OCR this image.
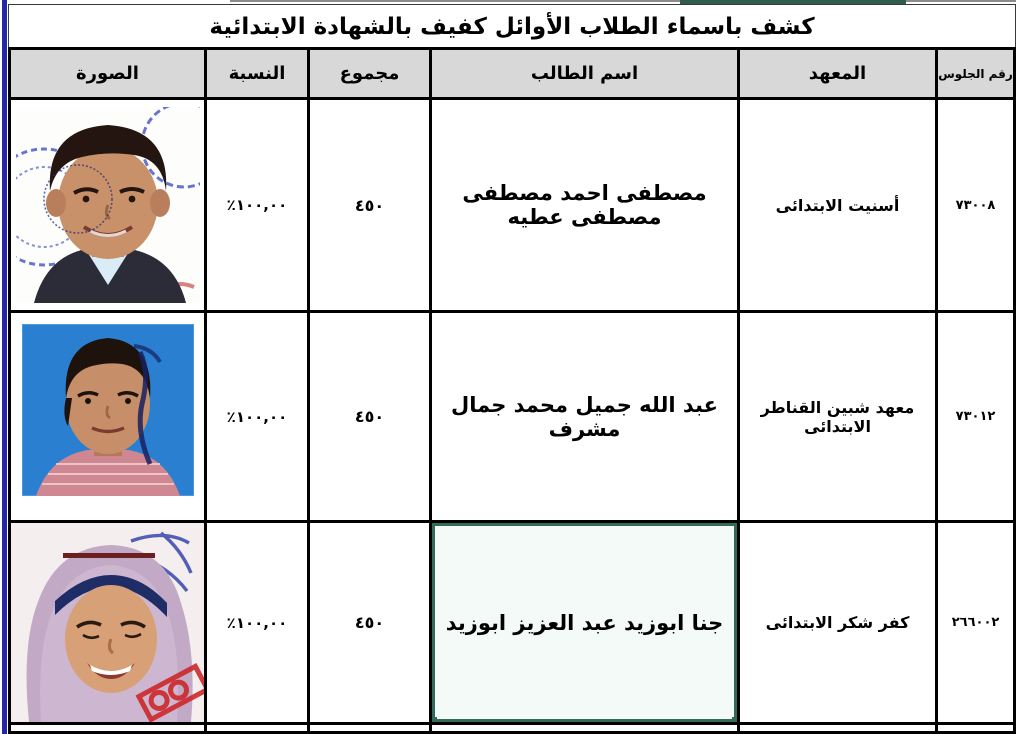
كشف باسماء الطلاب الأوائل كفيف بالشهادة الابتدائية
رقم الجلوس
المعهد
اسم الطالب
مجموع
النسبة
الصورة
٧٣٠٠٨
أسنيت الابتدائى
مصطفى احمد مصطفى مصطفى عطيه
٤٥٠
٪١٠٠,٠٠
٧٣٠١٢
معهد شبين القناطر الابتدائى
عبد الله جميل محمد جمال مشرف
٤٥٠
٪١٠٠,٠٠
٢٦٦٠٠٢
كفر شكر الابتدائى
جنا ابوزيد عبد العزيز ابوزيد
٤٥٠
٪١٠٠,٠٠
